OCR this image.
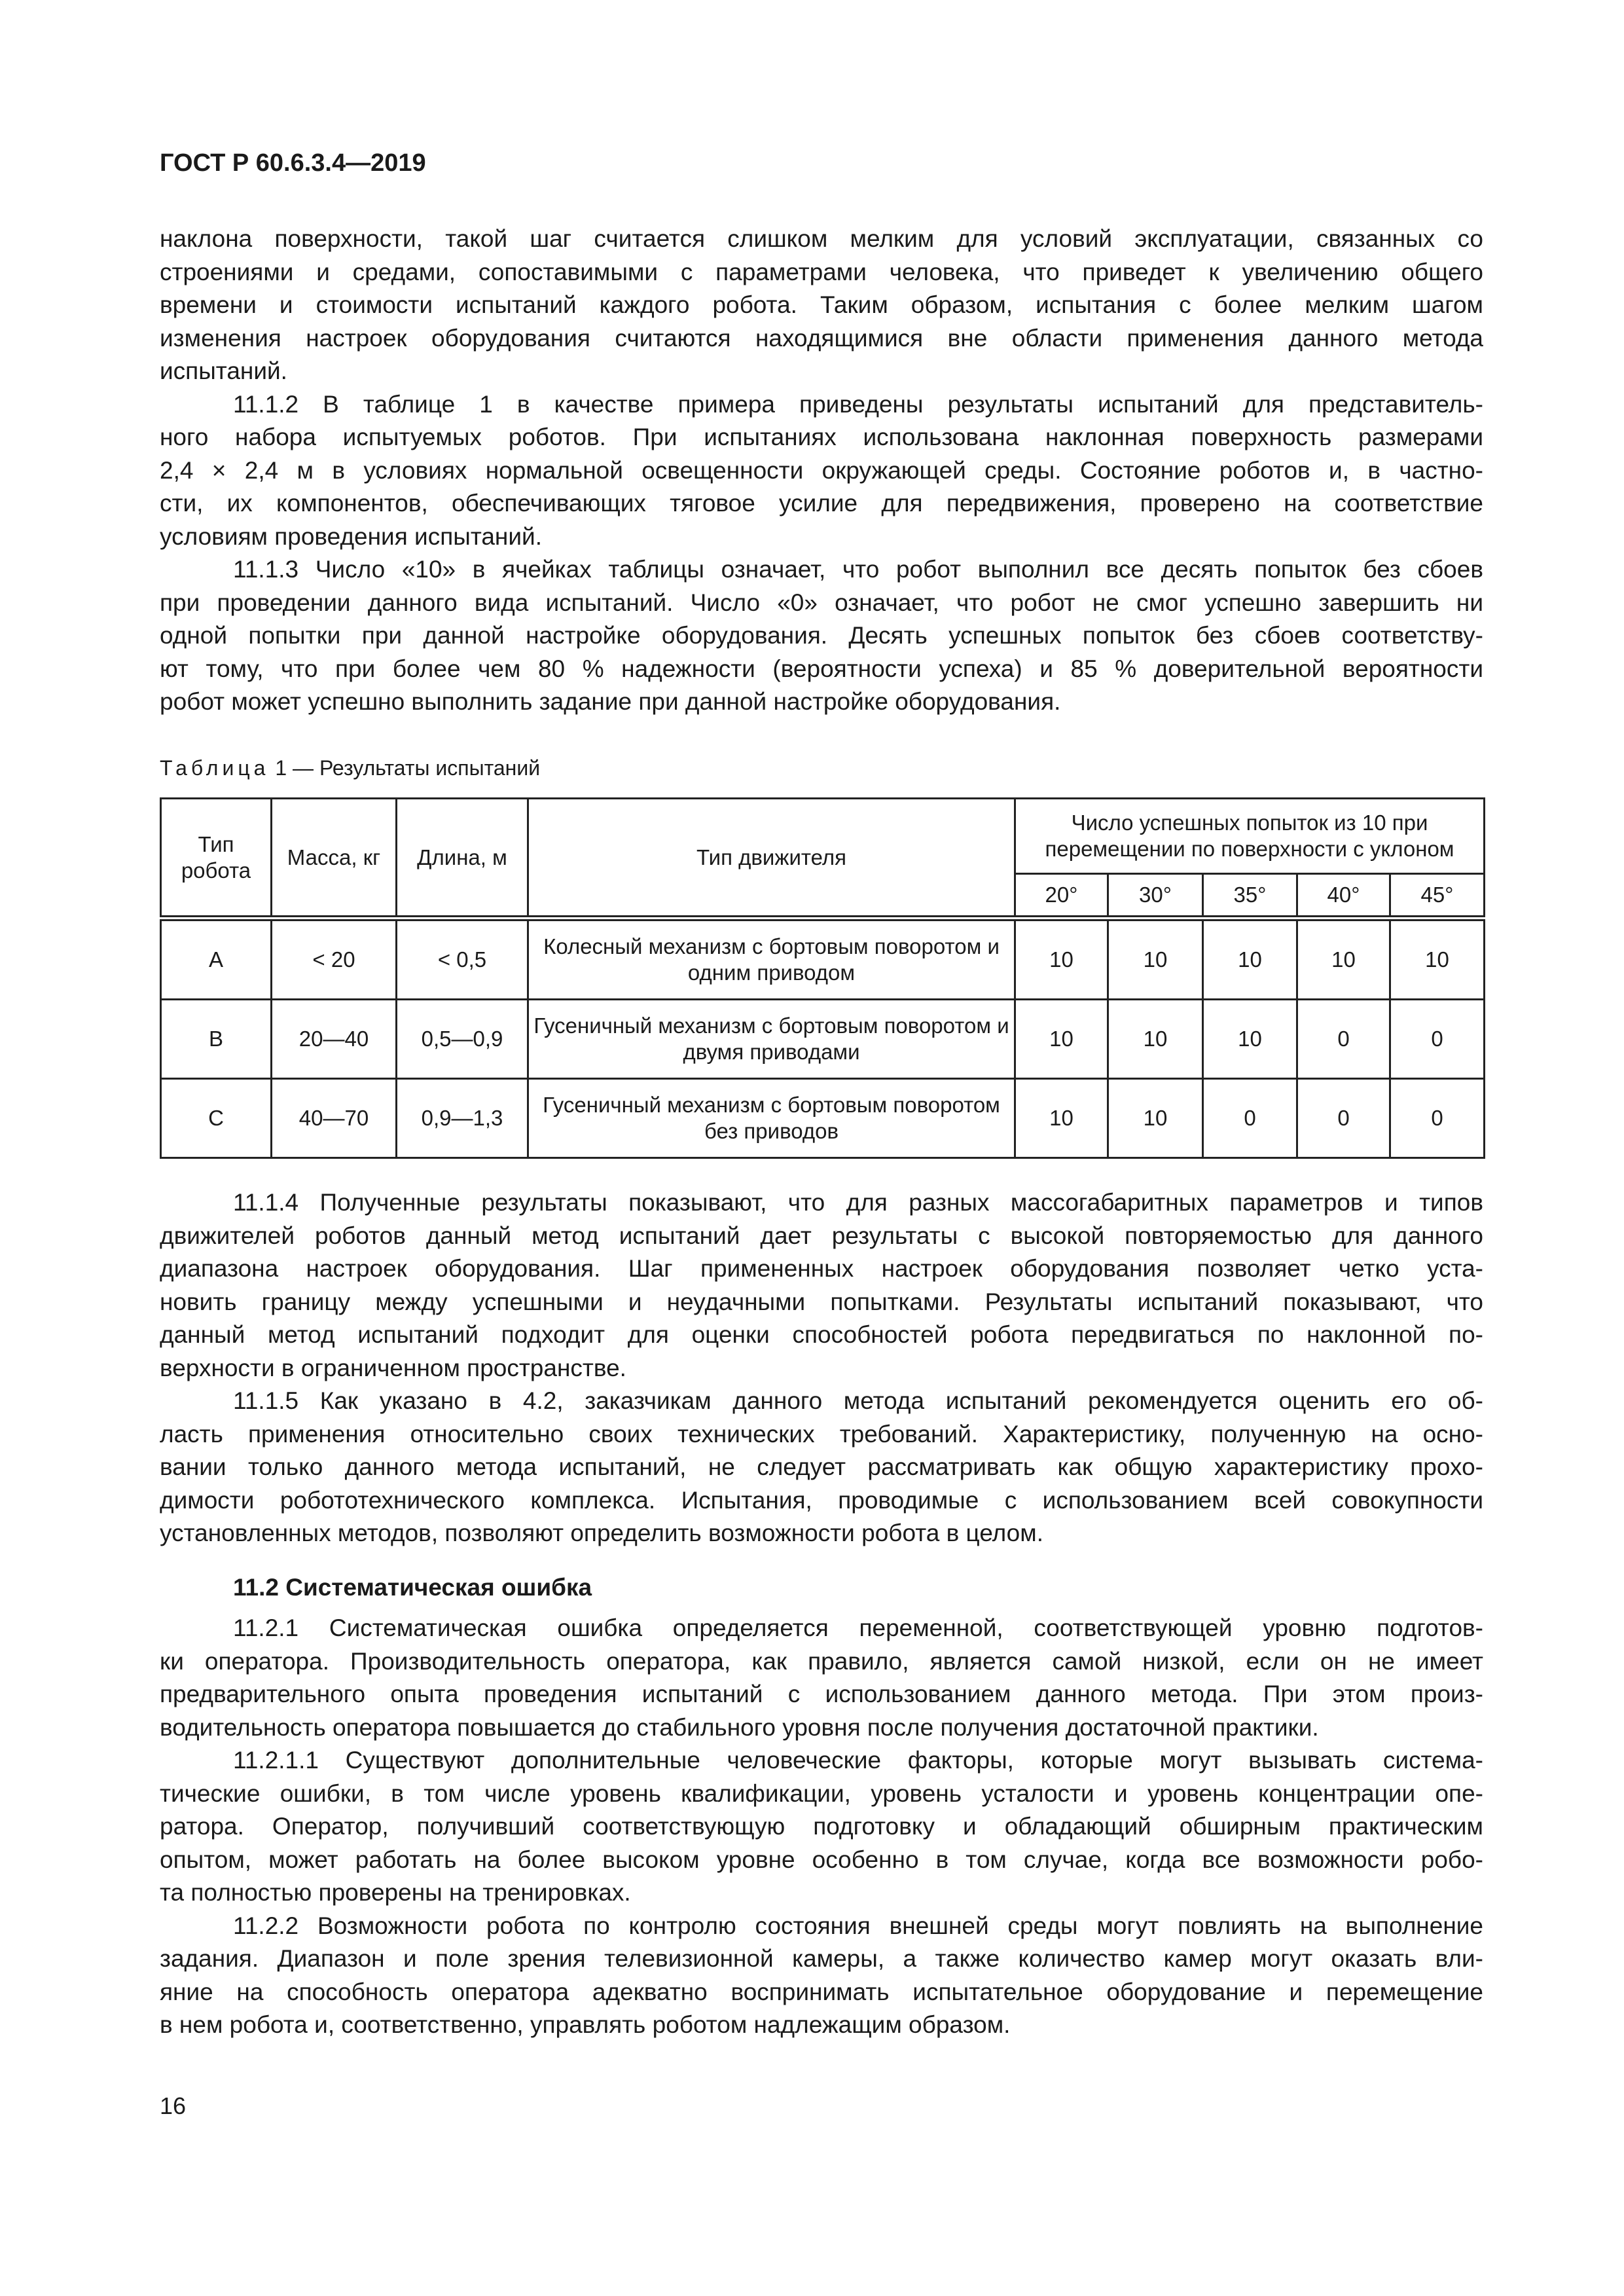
ГОСТ Р 60.6.3.4—2019
наклона поверхности, такой шаг считается слишком мелким для условий эксплуатации, связанных со
строениями и средами, сопоставимыми с параметрами человека, что приведет к увеличению общего
времени и стоимости испытаний каждого робота. Таким образом, испытания с более мелким шагом
изменения настроек оборудования считаются находящимися вне области применения данного метода
испытаний.
11.1.2 В таблице 1 в качестве примера приведены результаты испытаний для представитель-
ного набора испытуемых роботов. При испытаниях использована наклонная поверхность размерами
2,4 × 2,4 м в условиях нормальной освещенности окружающей среды. Состояние роботов и, в частно-
сти, их компонентов, обеспечивающих тяговое усилие для передвижения, проверено на соответствие
условиям проведения испытаний.
11.1.3 Число «10» в ячейках таблицы означает, что робот выполнил все десять попыток без сбоев
при проведении данного вида испытаний. Число «0» означает, что робот не смог успешно завершить ни
одной попытки при данной настройке оборудования. Десять успешных попыток без сбоев соответству-
ют тому, что при более чем 80 % надежности (вероятности успеха) и 85 % доверительной вероятности
робот может успешно выполнить задание при данной настройке оборудования.
Таблица 1 — Результаты испытаний
Тип робота	Масса, кг	Длина, м	Тип движителя	Число успешных попыток из 10 при перемещении по поверхности с уклоном				
				20°	30°	35°	40°	45°
A	< 20	< 0,5	Колесный механизм с бортовым поворотом и одним приводом	10	10	10	10	10
B	20—40	0,5—0,9	Гусеничный механизм с бортовым поворотом и двумя приводами	10	10	10	0	0
C	40—70	0,9—1,3	Гусеничный механизм с бортовым поворотом без приводов	10	10	0	0	0
11.1.4 Полученные результаты показывают, что для разных массогабаритных параметров и типов
движителей роботов данный метод испытаний дает результаты с высокой повторяемостью для данного
диапазона настроек оборудования. Шаг примененных настроек оборудования позволяет четко уста-
новить границу между успешными и неудачными попытками. Результаты испытаний показывают, что
данный метод испытаний подходит для оценки способностей робота передвигаться по наклонной по-
верхности в ограниченном пространстве.
11.1.5 Как указано в 4.2, заказчикам данного метода испытаний рекомендуется оценить его об-
ласть применения относительно своих технических требований. Характеристику, полученную на осно-
вании только данного метода испытаний, не следует рассматривать как общую характеристику прохо-
димости робототехнического комплекса. Испытания, проводимые с использованием всей совокупности
установленных методов, позволяют определить возможности робота в целом.
11.2 Систематическая ошибка
11.2.1 Систематическая ошибка определяется переменной, соответствующей уровню подготов-
ки оператора. Производительность оператора, как правило, является самой низкой, если он не имеет
предварительного опыта проведения испытаний с использованием данного метода. При этом произ-
водительность оператора повышается до стабильного уровня после получения достаточной практики.
11.2.1.1 Существуют дополнительные человеческие факторы, которые могут вызывать системa-
тические ошибки, в том числе уровень квалификации, уровень усталости и уровень концентрации опе-
ратора. Оператор, получивший соответствующую подготовку и обладающий обширным практическим
опытом, может работать на более высоком уровне особенно в том случае, когда все возможности робо-
та полностью проверены на тренировках.
11.2.2 Возможности робота по контролю состояния внешней среды могут повлиять на выполнение
задания. Диапазон и поле зрения телевизионной камеры, а также количество камер могут оказать вли-
яние на способность оператора адекватно воспринимать испытательное оборудование и перемещение
в нем робота и, соответственно, управлять роботом надлежащим образом.
16
